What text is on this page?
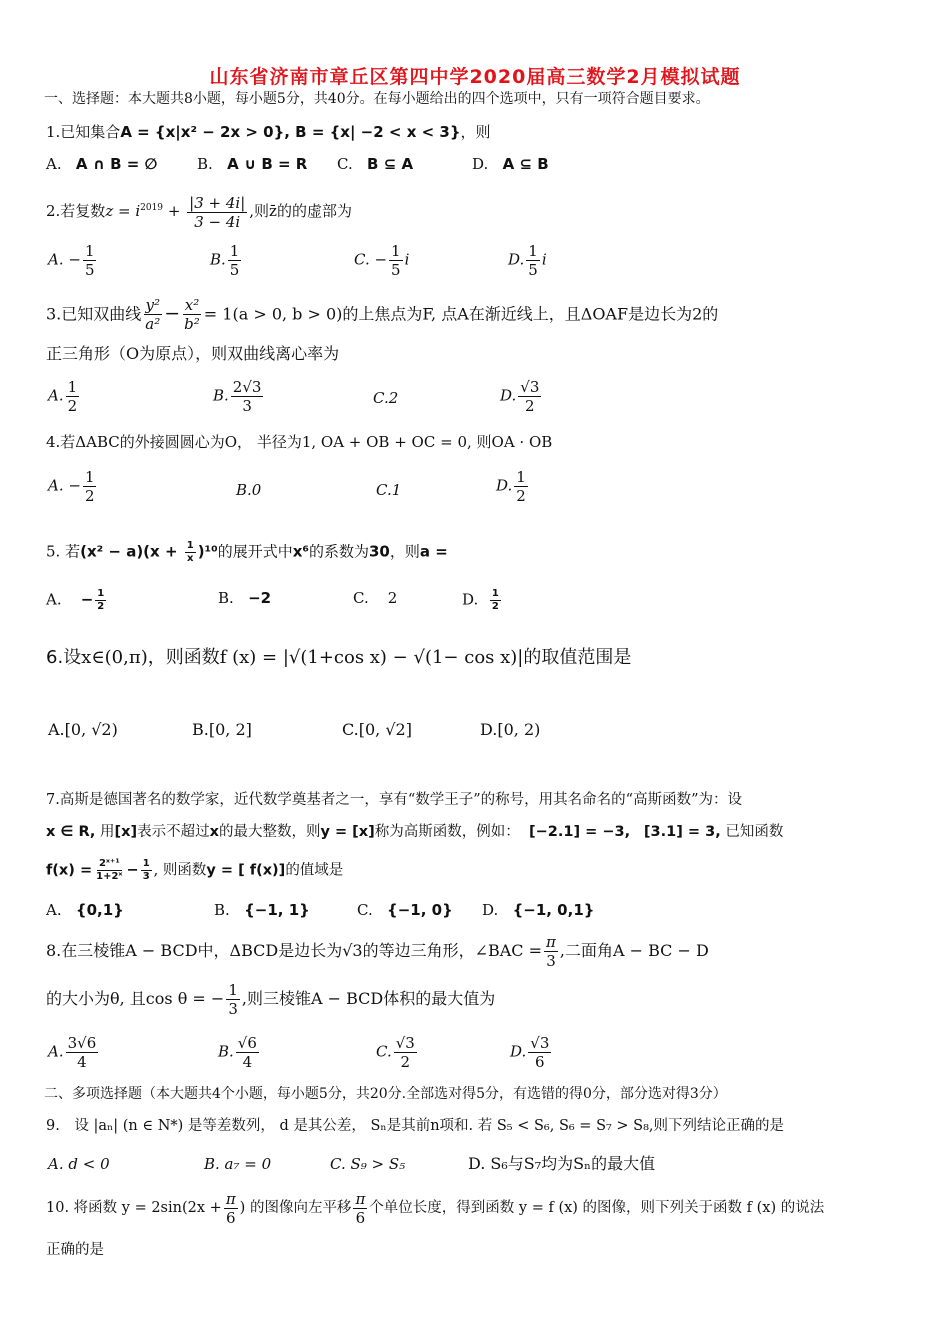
山东省济南市章丘区第四中学2020届高三数学2月模拟试题
一、选择题：本大题共8小题，每小题5分，共40分。在每小题给出的四个选项中，只有一项符合题目要求。
1.已知集合A = {x|x² − 2x > 0}, B = {x| −2 < x < 3}，则
A. A ∩ B = ∅	B. A ∪ B = R C. B ⊆ A	D. A ⊆ B
2.若复数$z = i^{2019} + \frac{|3 + 4i|}{3 - 4i}$ ,则z̄的的虚部为
A. − $\frac{1}{5}$	B. $\frac{1}{5}$	C. − $\frac{1}{5}$ i	D. $\frac{1}{5}$ i
3.已知双曲线 $\frac{\text{y²}}{\text{a²}} - \frac{\text{x²}}{\text{b²}} = 1(a > 0$, b > 0)的上焦点为F, 点A在渐近线上，且ΔOAF是边长为2的
正三角形（O为原点），则双曲线离心率为
A. $\frac{1}{2}$	B. $\frac{2√3}{3}$	C.2	D. $\frac{√3}{2}$
4.若ΔABC的外接圆圆心为O， 半径为1, OA + OB + OC = 0, 则OA · OB
A. − $\frac{1}{2}$	B.0	C.1	D. $\frac{1}{2}$
5. 若$(x^2 - a)(x + \frac{1}{x} )^{10}$的展开式中x⁶的系数为30，则a =
A. − $\frac{1}{2}$	B. −2	C. 2	D. $\frac{1}{2}$
6.设x∈(0,π)，则函数f (x) = |√(1+cos x) − √(1− cos x)|的取值范围是
A.[0, √2)	B.[0, 2]	C.[0, √2]	D.[0, 2)
7.高斯是德国著名的数学家，近代数学奠基者之一，享有“数学王子”的称号，用其名命名的“高斯函数”为：设
x ∈ R, 用[x]表示不超过x的最大整数，则y = [x]称为高斯函数，例如： [−2.1] = −3, [3.1] = 3, 已知函数
$f(x) = \frac{\text{2ˣ⁺¹}}{\text{1+2ˣ}} - \frac{1}{3}$ , 则函数y = [ f(x)]的值域是
A. {0,1}	B. {−1, 1}	C. {−1, 0} D. {−1, 0,1}
8.在三棱锥A − BCD中，ΔBCD是边长为√3的等边三角形，∠BAC = $\frac{\pi}{3}$ ,二面角A − BC − D
的大小为θ, 且cos θ = − $\frac{1}{3}$ ,则三棱锥A − BCD体积的最大值为
A. $\frac{3√6}{4}$	B. $\frac{√6}{4}$	C. $\frac{√3}{2}$	D. $\frac{√3}{6}$
二、多项选择题（本大题共4个小题，每小题5分，共20分.全部选对得5分，有选错的得0分，部分选对得3分）
9.　设 |aₙ| (n ∈ N*) 是等差数列， d 是其公差， Sₙ是其前n项和. 若 S₅ < S₆, S₆ = S₇ > S₈,则下列结论正确的是
A. d < 0	B. a₇ = 0	C. S₉ > S₅	D. S₆与S₇均为Sₙ的最大值
10. 将函数 $y = 2\sin(2x + \frac{\pi}{6}$ ) 的图像向左平移 $\frac{\pi}{6}$ 个单位长度，得到函数 y = f (x) 的图像，则下列关于函数 f (x) 的说法
正确的是
